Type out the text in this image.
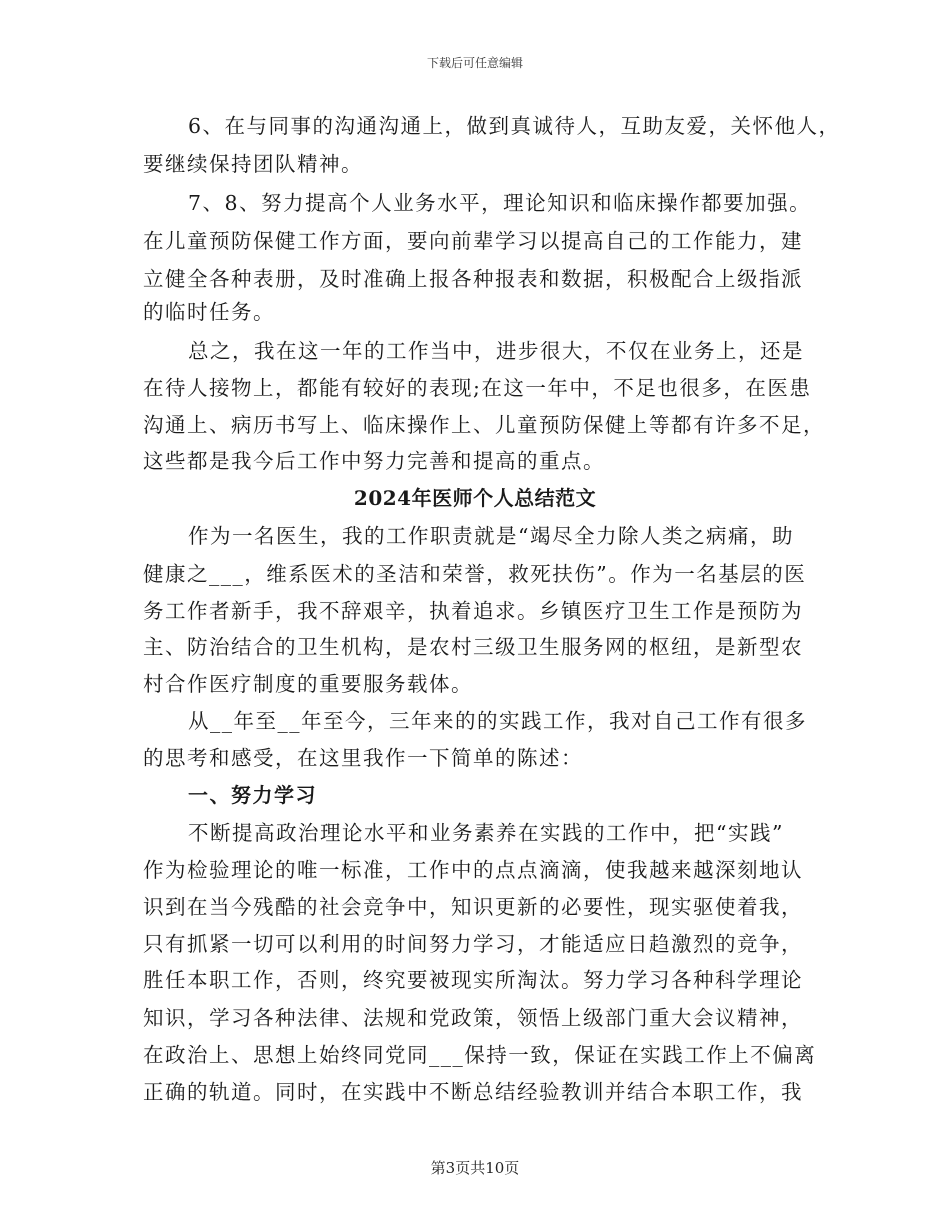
下载后可任意编辑
6、在与同事的沟通沟通上，做到真诚待人，互助友爱，关怀他人，
要继续保持团队精神。
7、8、努力提高个人业务水平，理论知识和临床操作都要加强。
在儿童预防保健工作方面，要向前辈学习以提高自己的工作能力，建
立健全各种表册，及时准确上报各种报表和数据，积极配合上级指派
的临时任务。
总之，我在这一年的工作当中，进步很大，不仅在业务上，还是
在待人接物上，都能有较好的表现;在这一年中，不足也很多，在医患
沟通上、病历书写上、临床操作上、儿童预防保健上等都有许多不足，
这些都是我今后工作中努力完善和提高的重点。
2024年医师个人总结范文
作为一名医生，我的工作职责就是“竭尽全力除人类之病痛，助
健康之___，维系医术的圣洁和荣誉，救死扶伤”。作为一名基层的医
务工作者新手，我不辞艰辛，执着追求。乡镇医疗卫生工作是预防为
主、防治结合的卫生机构，是农村三级卫生服务网的枢纽，是新型农
村合作医疗制度的重要服务载体。
从__年至__年至今，三年来的的实践工作，我对自己工作有很多
的思考和感受，在这里我作一下简单的陈述：
一、努力学习
不断提高政治理论水平和业务素养在实践的工作中，把“实践”
作为检验理论的唯一标准，工作中的点点滴滴，使我越来越深刻地认
识到在当今残酷的社会竞争中，知识更新的必要性，现实驱使着我，
只有抓紧一切可以利用的时间努力学习，才能适应日趋激烈的竞争，
胜任本职工作，否则，终究要被现实所淘汰。努力学习各种科学理论
知识，学习各种法律、法规和党政策，领悟上级部门重大会议精神，
在政治上、思想上始终同党同___保持一致，保证在实践工作上不偏离
正确的轨道。同时，在实践中不断总结经验教训并结合本职工作，我
第3页共10页
